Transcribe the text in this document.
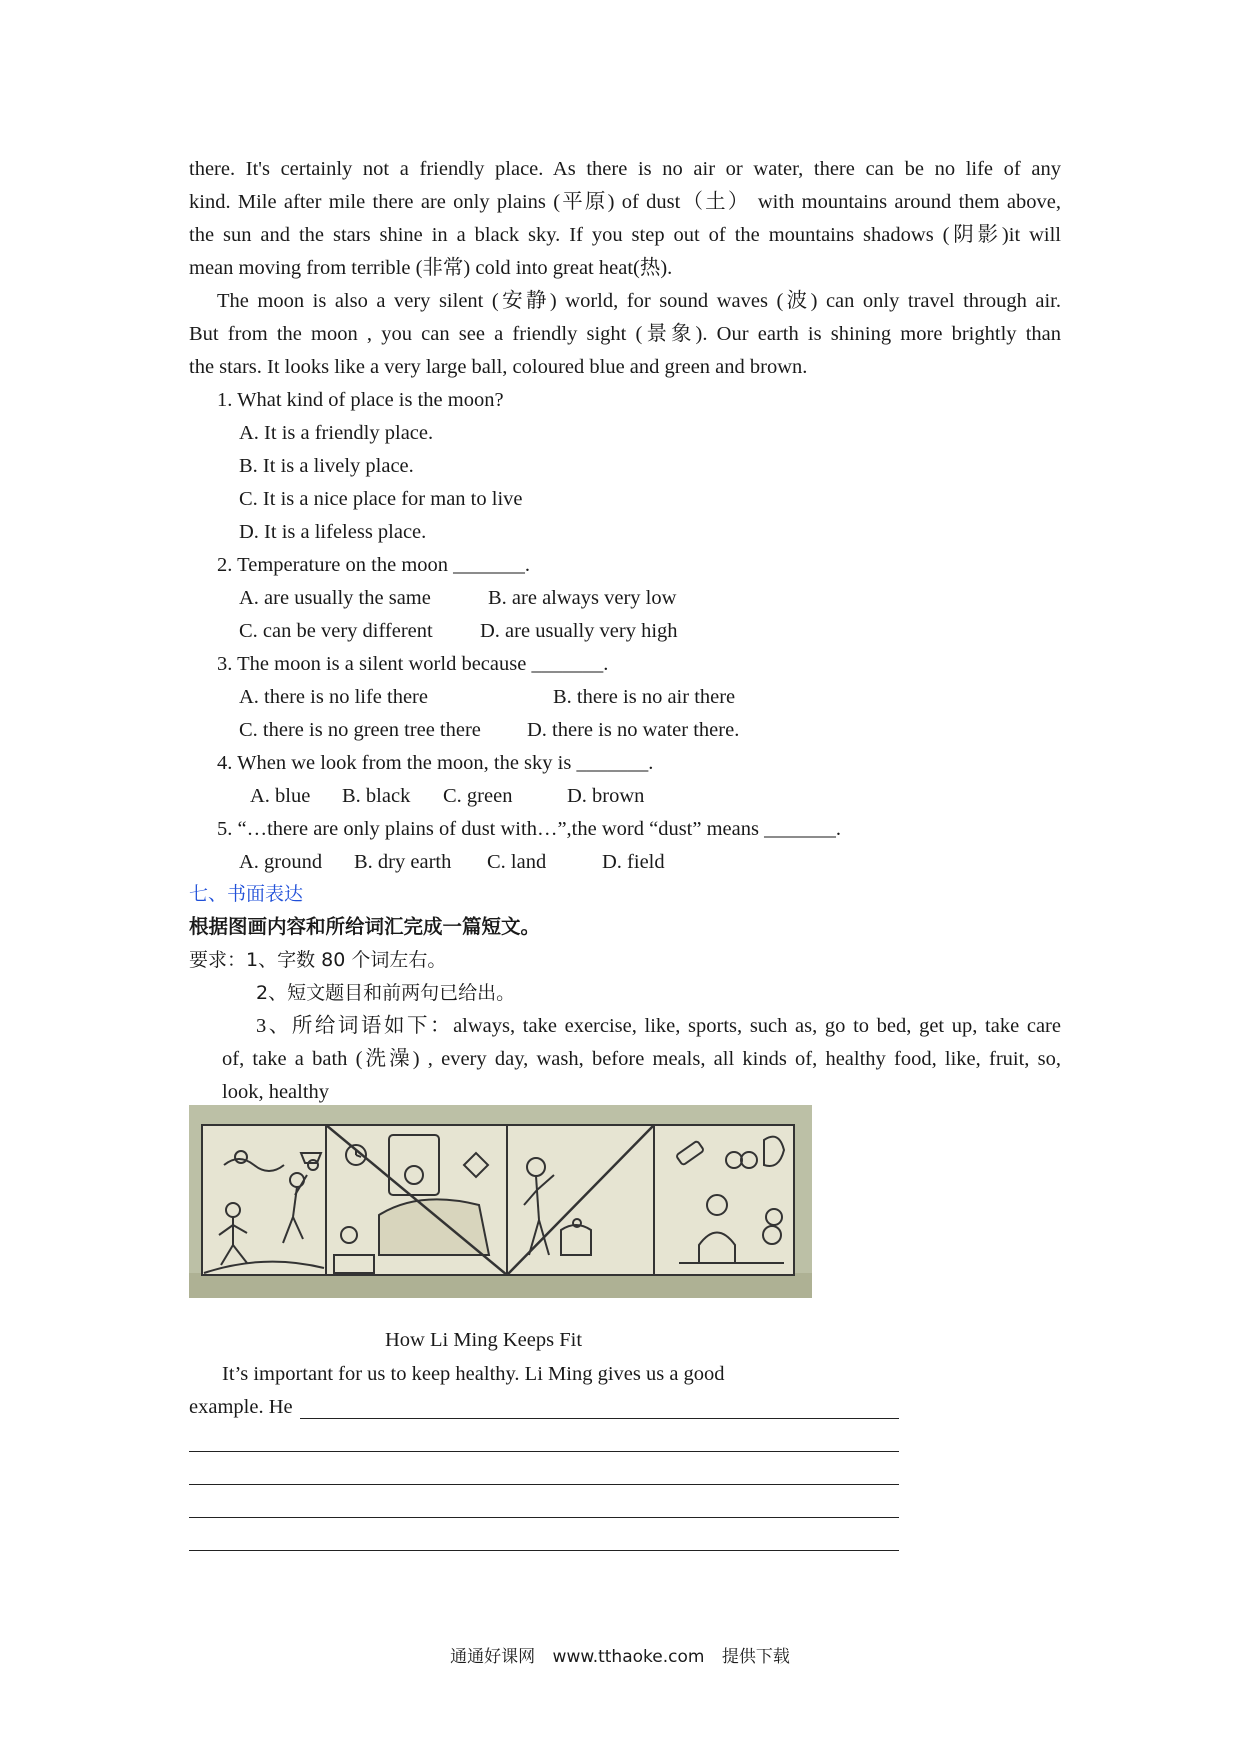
there. It's certainly not a friendly place. As there is no air or water, there can be no life of any
kind. Mile after mile there are only plains (平原) of dust（土） with mountains around them above,
the sun and the stars shine in a black sky. If you step out of the mountains shadows (阴影)it will
mean moving from terrible (非常) cold into great heat(热).
The moon is also a very silent (安静) world, for sound waves (波) can only travel through air.
But from the moon , you can see a friendly sight (景象). Our earth is shining more brightly than
the stars. It looks like a very large ball, coloured blue and green and brown.
1. What kind of place is the moon?
A. It is a friendly place.
B. It is a lively place.
C. It is a nice place for man to live
D. It is a lifeless place.
2. Temperature on the moon _______.
A. are usually the same	B. are always very low
C. can be very different D. are usually very high
3. The moon is a silent world because _______.
A. there is no life there	B. there is no air there
C. there is no green tree there D. there is no water there.
4. When we look from the moon, the sky is _______.
A. blue B. black C. green	D. brown
5. “…there are only plains of dust with…”,the word “dust” means _______.
A. ground B. dry earth C. land	D. field
七、书面表达
根据图画内容和所给词汇完成一篇短文。
要求：1、字数 80 个词左右。
2、短文题目和前两句已给出。
3、所给词语如下：always, take exercise, like, sports, such as, go to bed, get up, take care
of, take a bath (洗澡) , every day, wash, before meals, all kinds of, healthy food, like, fruit, so,
look, healthy
How Li Ming Keeps Fit
It’s important for us to keep healthy. Li Ming gives us a good
example. He
通通好课网 www.tthaoke.com 提供下载
